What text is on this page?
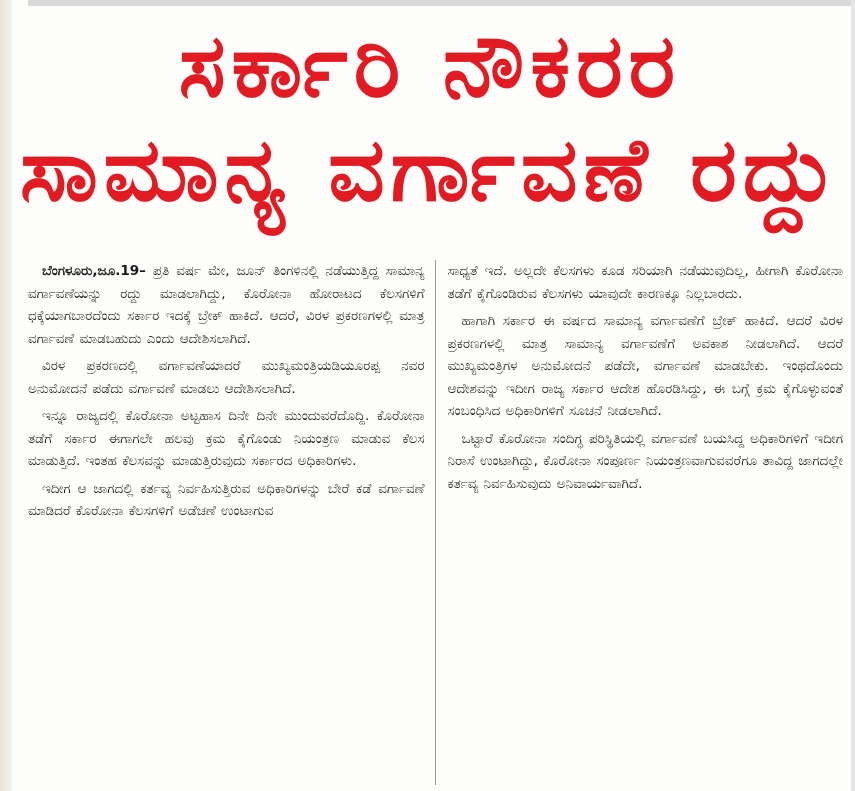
ಸರ್ಕಾರಿ ನೌಕರರ
ಸಾಮಾನ್ಯ ವರ್ಗಾವಣೆ ರದ್ದು

ಬೆಂಗಳೂರು,ಜೂ.19– ಪ್ರತಿ ವರ್ಷ ಮೇ, ಜೂನ್ ತಿಂಗಳಿನಲ್ಲಿ ನಡೆಯುತ್ತಿದ್ದ ಸಾಮಾನ್ಯ ವರ್ಗಾವಣೆಯನ್ನು ರದ್ದು ಮಾಡಲಾಗಿದ್ದು, ಕೊರೋನಾ ಹೋರಾಟದ ಕೆಲಸಗಳಿಗೆ ಧಕ್ಕೆಯಾಗಬಾರದೆಂದು ಸರ್ಕಾರ ಇದಕ್ಕೆ ಬ್ರೇಕ್ ಹಾಕಿದೆ. ಆದರೆ, ವಿರಳ ಪ್ರಕರಣಗಳಲ್ಲಿ ಮಾತ್ರ ವರ್ಗಾವಣೆ ಮಾಡಬಹುದು ಎಂದು ಆದೇಶಿಸಲಾಗಿದೆ.

ವಿರಳ ಪ್ರಕರಣದಲ್ಲಿ ವರ್ಗಾವಣೆಯಾದರೆ ಮುಖ್ಯಮಂತ್ರಿಯಡಿಯೂರಪ್ಪ ನವರ ಅನುಮೋದನೆ ಪಡೆದು ವರ್ಗಾವಣೆ ಮಾಡಲು ಆದೇಶಿಸಲಾಗಿದೆ.

ಇನ್ನೂ ರಾಜ್ಯದಲ್ಲಿ ಕೊರೋನಾ ಅಟ್ಟಹಾಸ ದಿನೇ ದಿನೇ ಮುಂದುವರೆದೊದ್ದಿ. ಕೊರೋನಾ ತಡೆಗೆ ಸರ್ಕಾರ ಈಗಾಗಲೇ ಹಲವು ಕ್ರಮ ಕೈಗೊಂಡು ನಿಯಂತ್ರಣ ಮಾಡುವ ಕೆಲಸ ಮಾಡುತ್ತಿದೆ. ಇಂತಹ ಕೆಲಸವನ್ನು ಮಾಡುತ್ತಿರುವುದು ಸರ್ಕಾರದ ಅಧಿಕಾರಿಗಳು.

ಇದೀಗ ಆ ಜಾಗದಲ್ಲಿ ಕರ್ತವ್ಯ ನಿರ್ವಹಿಸುತ್ತಿರುವ ಅಧಿಕಾರಿಗಳನ್ನು ಬೇರೆ ಕಡೆ ವರ್ಗಾವಣೆ ಮಾಡಿದರೆ ಕೊರೋನಾ ಕೆಲಸಗಳಿಗೆ ಅಡೆಚಣೆ ಉಂಟಾಗುವ

ಸಾಧ್ಯತೆ ಇದೆ. ಅಲ್ಲದೇ ಕೆಲಸಗಳು ಕೂಡ ಸರಿಯಾಗಿ ನಡೆಯುವುದಿಲ್ಲ, ಹೀಗಾಗಿ ಕೊರೋನಾ ತಡೆಗೆ ಕೈಗೊಂಡಿರುವ ಕೆಲಸಗಳು ಯಾವುದೇ ಕಾರಣಕ್ಕೂ ನಿಲ್ಲಬಾರದು.

ಹಾಗಾಗಿ ಸರ್ಕಾರ ಈ ವರ್ಷದ ಸಾಮಾನ್ಯ ವರ್ಗಾವಣೆಗೆ ಬ್ರೇಕ್ ಹಾಕಿದೆ. ಆದರೆ ವಿರಳ ಪ್ರಕರಣಗಳಲ್ಲಿ ಮಾತ್ರ ಸಾಮಾನ್ಯ ವರ್ಗಾವಣೆಗೆ ಅವಕಾಶ ನೀಡಲಾಗಿದೆ. ಆದರೆ ಮುಖ್ಯಮಂತ್ರಿಗಳ ಅನುಮೋದನೆ ಪಡೆದೇ, ವರ್ಗಾವಣೆ ಮಾಡಬೇಕು. ಇಂಥದೊಂದು ಆದೇಶವನ್ನು ಇದೀಗ ರಾಜ್ಯ ಸರ್ಕಾರ ಆದೇಶ ಹೊರಡಿಸಿದ್ದು, ಈ ಬಗ್ಗೆ ಕ್ರಮ ಕೈಗೊಳ್ಳುವಂತೆ ಸಂಬಂಧಿಸಿದ ಅಧಿಕಾರಿಗಳಿಗೆ ಸೂಚನೆ ನೀಡಲಾಗಿದೆ.

ಒಟ್ಟಾರೆ ಕೊರೋನಾ ಸಂದಿಗ್ಧ ಪರಿಸ್ಥಿತಿಯಲ್ಲಿ ವರ್ಗಾವಣೆ ಬಯಸಿದ್ದ ಅಧಿಕಾರಿಗಳಿಗೆ ಇದೀಗ ನಿರಾಸೆ ಉಂಟಾಗಿದ್ದು, ಕೊರೋನಾ ಸಂಪೂರ್ಣ ನಿಯಂತ್ರಣವಾಗುವವರೆಗೂ ತಾವಿದ್ದ ಜಾಗದಲ್ಲೇ ಕರ್ತವ್ಯ ನಿರ್ವಹಿಸುವುದು ಅನಿವಾರ್ಯವಾಗಿದೆ.
